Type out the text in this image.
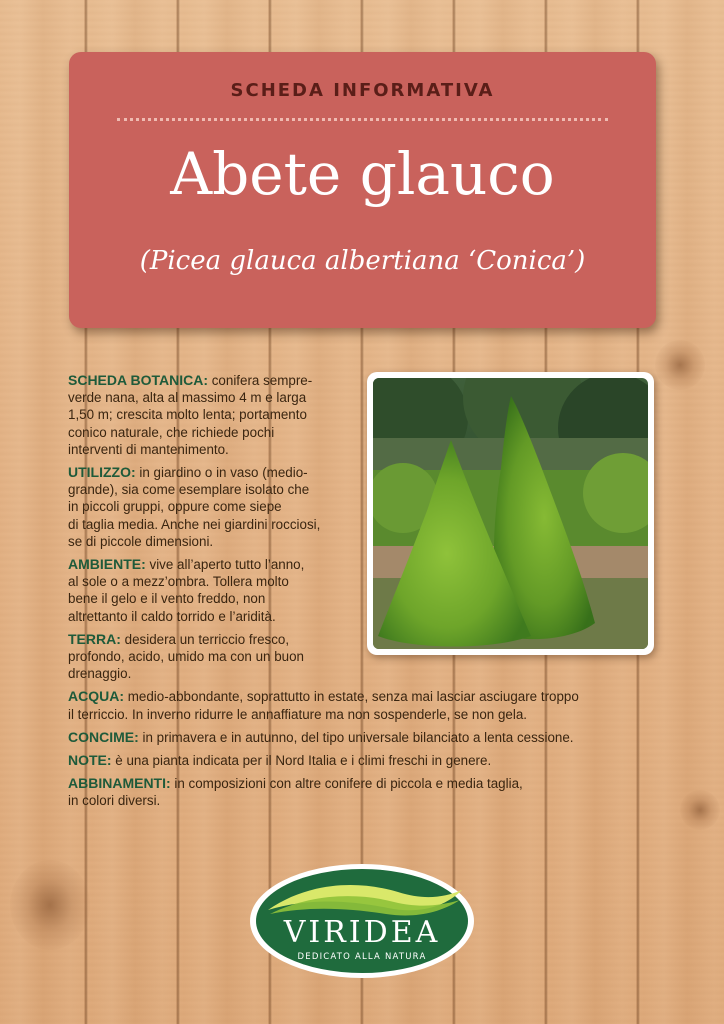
SCHEDA INFORMATIVA
Abete glauco
(Picea glauca albertiana ‘Conica’)

SCHEDA BOTANICA: conifera sempre-
verde nana, alta al massimo 4 m e larga
1,50 m; crescita molto lenta; portamento
conico naturale, che richiede pochi
interventi di mantenimento.

UTILIZZO: in giardino o in vaso (medio-
grande), sia come esemplare isolato che
in piccoli gruppi, oppure come siepe
di taglia media. Anche nei giardini rocciosi,
se di piccole dimensioni.

AMBIENTE: vive all’aperto tutto l’anno,
al sole o a mezz’ombra. Tollera molto
bene il gelo e il vento freddo, non
altrettanto il caldo torrido e l’aridità.

TERRA: desidera un terriccio fresco,
profondo, acido, umido ma con un buon
drenaggio.

ACQUA: medio-abbondante, soprattutto in estate, senza mai lasciar asciugare troppo
il terriccio. In inverno ridurre le annaffiature ma non sospenderle, se non gela.

CONCIME: in primavera e in autunno, del tipo universale bilanciato a lenta cessione.

NOTE: è una pianta indicata per il Nord Italia e i climi freschi in genere.

ABBINAMENTI: in composizioni con altre conifere di piccola e media taglia,
in colori diversi.

VIRIDEA
DEDICATO ALLA NATURA
